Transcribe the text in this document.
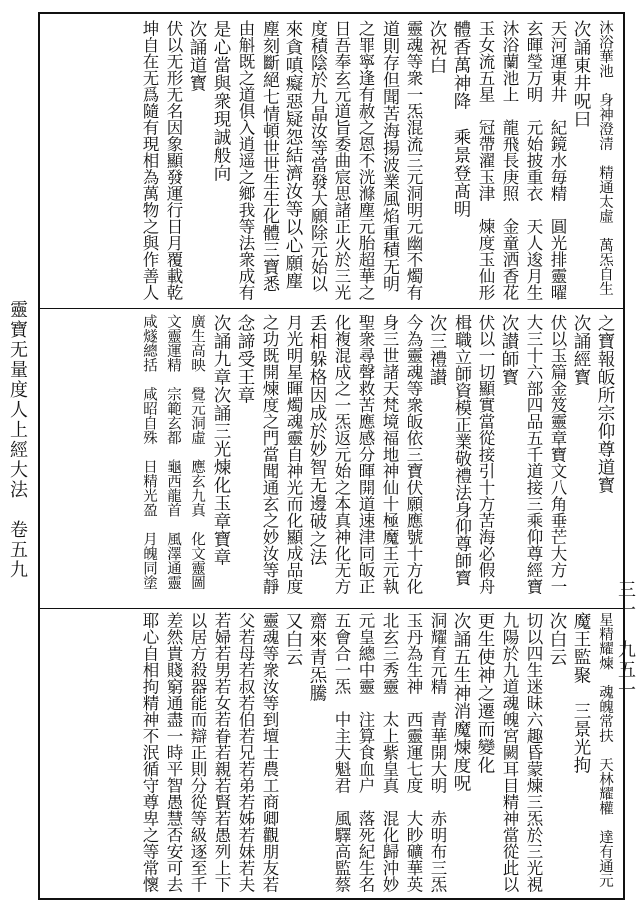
靈寶无量度人上經大法　卷五九
沐浴華池　身神澄清　精通太虛　萬炁自生
次誦東井呪曰
天河運東井　紀鏡水毎精　圓光排靈曜
玄暉瑩万明　元始披重衣　天人逡月生
沐浴蘭池上　龍飛長庚照　金童洒香花
玉女流五星　冠帶濯玉津　煉度玉仙形
體香萬神降　乘景登髙明
次祝白
靈魂等衆一炁混流三元洞明元幽不燭有
道則存但聞苦海揚波業風焰重積无明
之罪寧逢有赦之恩不洸滌塵元胎超華之
日吾奉玄元道旨委曲宸思諸正火於三光
度積陰於九晶汝等當發大願除元始以
來貪嗔癡惡疑怨結濟汝等以心願塵
塵刻斷絕七情頓世世生生化體三寶悉
由斛既之道俱入逍遥之鄉我等法衆成有
是心當與衆現誠般向
次誦道寳
伏以无形无名因象顯發運行日月覆載乾
坤自在无爲隨有現相為萬物之與作善人
之寶報皈所宗仰尊道寳
次誦經寳
伏以玉篇金笈靈章寶文八角垂芒大方一
大三十六部四品五千道接三乘仰尊經寶
次讃師寳
伏以一切顯實當從接引十方苦海必假舟
楫職立師資模正業敬禮法身仰尊師寳
次三禮讃
今為靈魂等衆皈依三寶伏願應號十方化
身三世諸天梵境福地神仙十極魔王元執
聖衆尋聲救苦應感分暉開道速津同皈正
化複混成之一炁返元始之本真神化无方
丢相躲格因成於妙智无邊破之法
月光明星暉燭魂靈自神光而化顯成品度
之功既開煉度之門當聞通玄之妙汝等靜
念諦受王章
次誦九章次誦三光煉化玉章寶章
廣生高映　覺元洞虛　應玄九真　化文靈圖
文靈運精　宗範玄都　龜西龍首　風澤通靈
咸燧總括　咸昭自殊　日精光盈　月魄同塗
星精耀煉　魂魄常扶　天林耀權　達有通元
魔王監聚　三景光拘
次白云
切以四生迷昧六趣昏蒙煉三炁於三光視
九陽於九道魂魄宮闕耳目精神當從此以
更生使神之遷而變化
次誦五生神消魔煉度呪
洞耀育元精　青華開大明　赤明布三炁
玉丹為生神　西靈運七度　大眇礦華英
北玄三秀靈　太上紫皇真　混化歸沖妙
元皇總中靈　注算食血户　落死紀生名
五會合一炁　中主大魁君　風驛高監蔡
齋來青炁騰
又白云
靈魂等衆汝等到壇士農工商卿觀朋友若
父若母若叔若伯若兄若弟若姊若妹若夫
若婦若男若女若眷若親若賢若愚列上下
以居方殺器能而辯正則分從等級逐至千
差然貴賤窮通盡一時平智愚慧否安可去
耶心自相拘精神不泯循守尊卑之等常懷	三一　九五一
